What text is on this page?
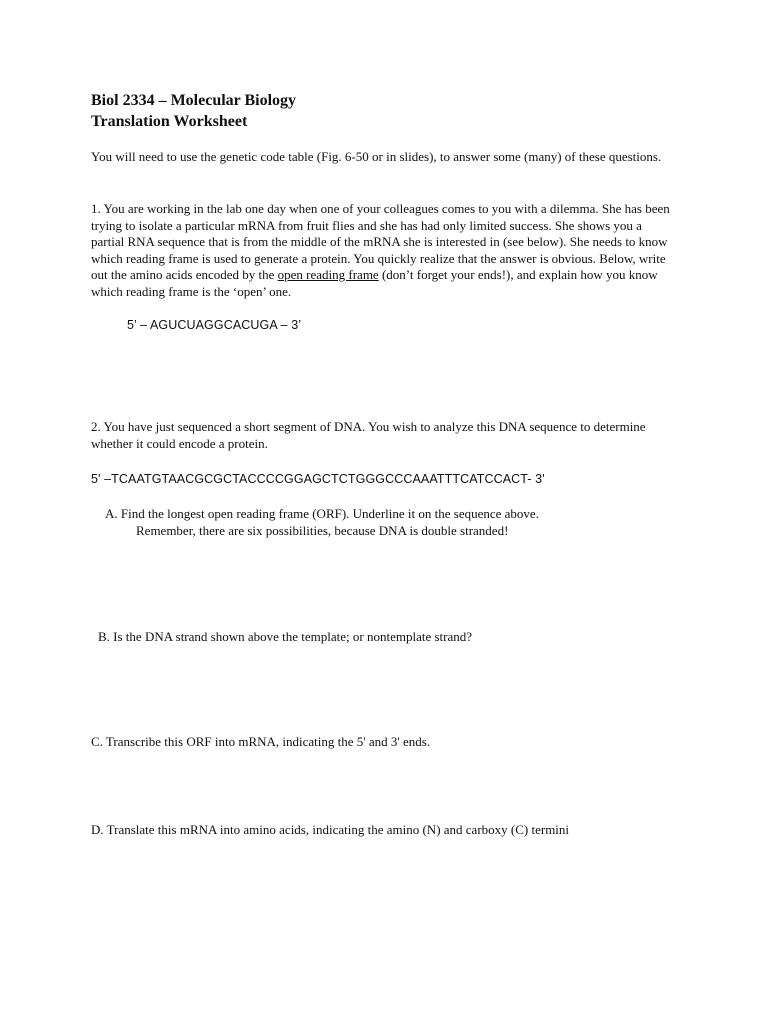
Biol 2334 – Molecular Biology
Translation Worksheet

You will need to use the genetic code table (Fig. 6-50 or in slides), to answer some (many) of these questions.

1. You are working in the lab one day when one of your colleagues comes to you with a dilemma. She has been trying to isolate a particular mRNA from fruit flies and she has had only limited success. She shows you a partial RNA sequence that is from the middle of the mRNA she is interested in (see below). She needs to know which reading frame is used to generate a protein. You quickly realize that the answer is obvious. Below, write out the amino acids encoded by the open reading frame (don’t forget your ends!), and explain how you know which reading frame is the ‘open’ one.

5’ – AGUCUAGGCACUGA – 3’

2. You have just sequenced a short segment of DNA. You wish to analyze this DNA sequence to determine whether it could encode a protein.

5' –TCAATGTAACGCGCTACCCCGGAGCTCTGGGCCCAAATTTCATCCACT- 3'
A. Find the longest open reading frame (ORF). Underline it on the sequence above.
Remember, there are six possibilities, because DNA is double stranded!
B. Is the DNA strand shown above the template; or nontemplate strand?
C. Transcribe this ORF into mRNA, indicating the 5' and 3' ends.
D. Translate this mRNA into amino acids, indicating the amino (N) and carboxy (C) termini
